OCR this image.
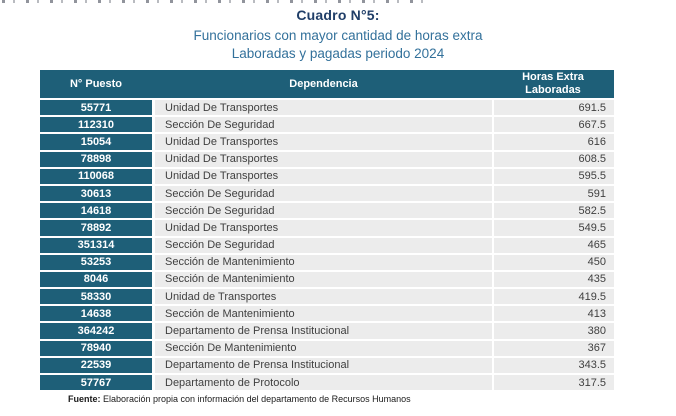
Cuadro N°5:
Funcionarios con mayor cantidad de horas extra
Laboradas y pagadas periodo 2024
N° Puesto	Dependencia
Horas Extra
Laboradas
55771	Unidad De Transportes	691.5
112310	Sección De Seguridad	667.5
15054	Unidad De Transportes	616
78898	Unidad De Transportes	608.5
110068	Unidad De Transportes	595.5
30613	Sección De Seguridad	591
14618	Sección De Seguridad	582.5
78892	Unidad De Transportes	549.5
351314	Sección De Seguridad	465
53253	Sección de Mantenimiento	450
8046	Sección de Mantenimiento	435
58330	Unidad de Transportes	419.5
14638	Sección de Mantenimiento	413
364242	Departamento de Prensa Institucional	380
78940	Sección De Mantenimiento	367
22539	Departamento de Prensa Institucional	343.5
57767	Departamento de Protocolo	317.5
Fuente: Elaboración propia con información del departamento de Recursos Humanos
